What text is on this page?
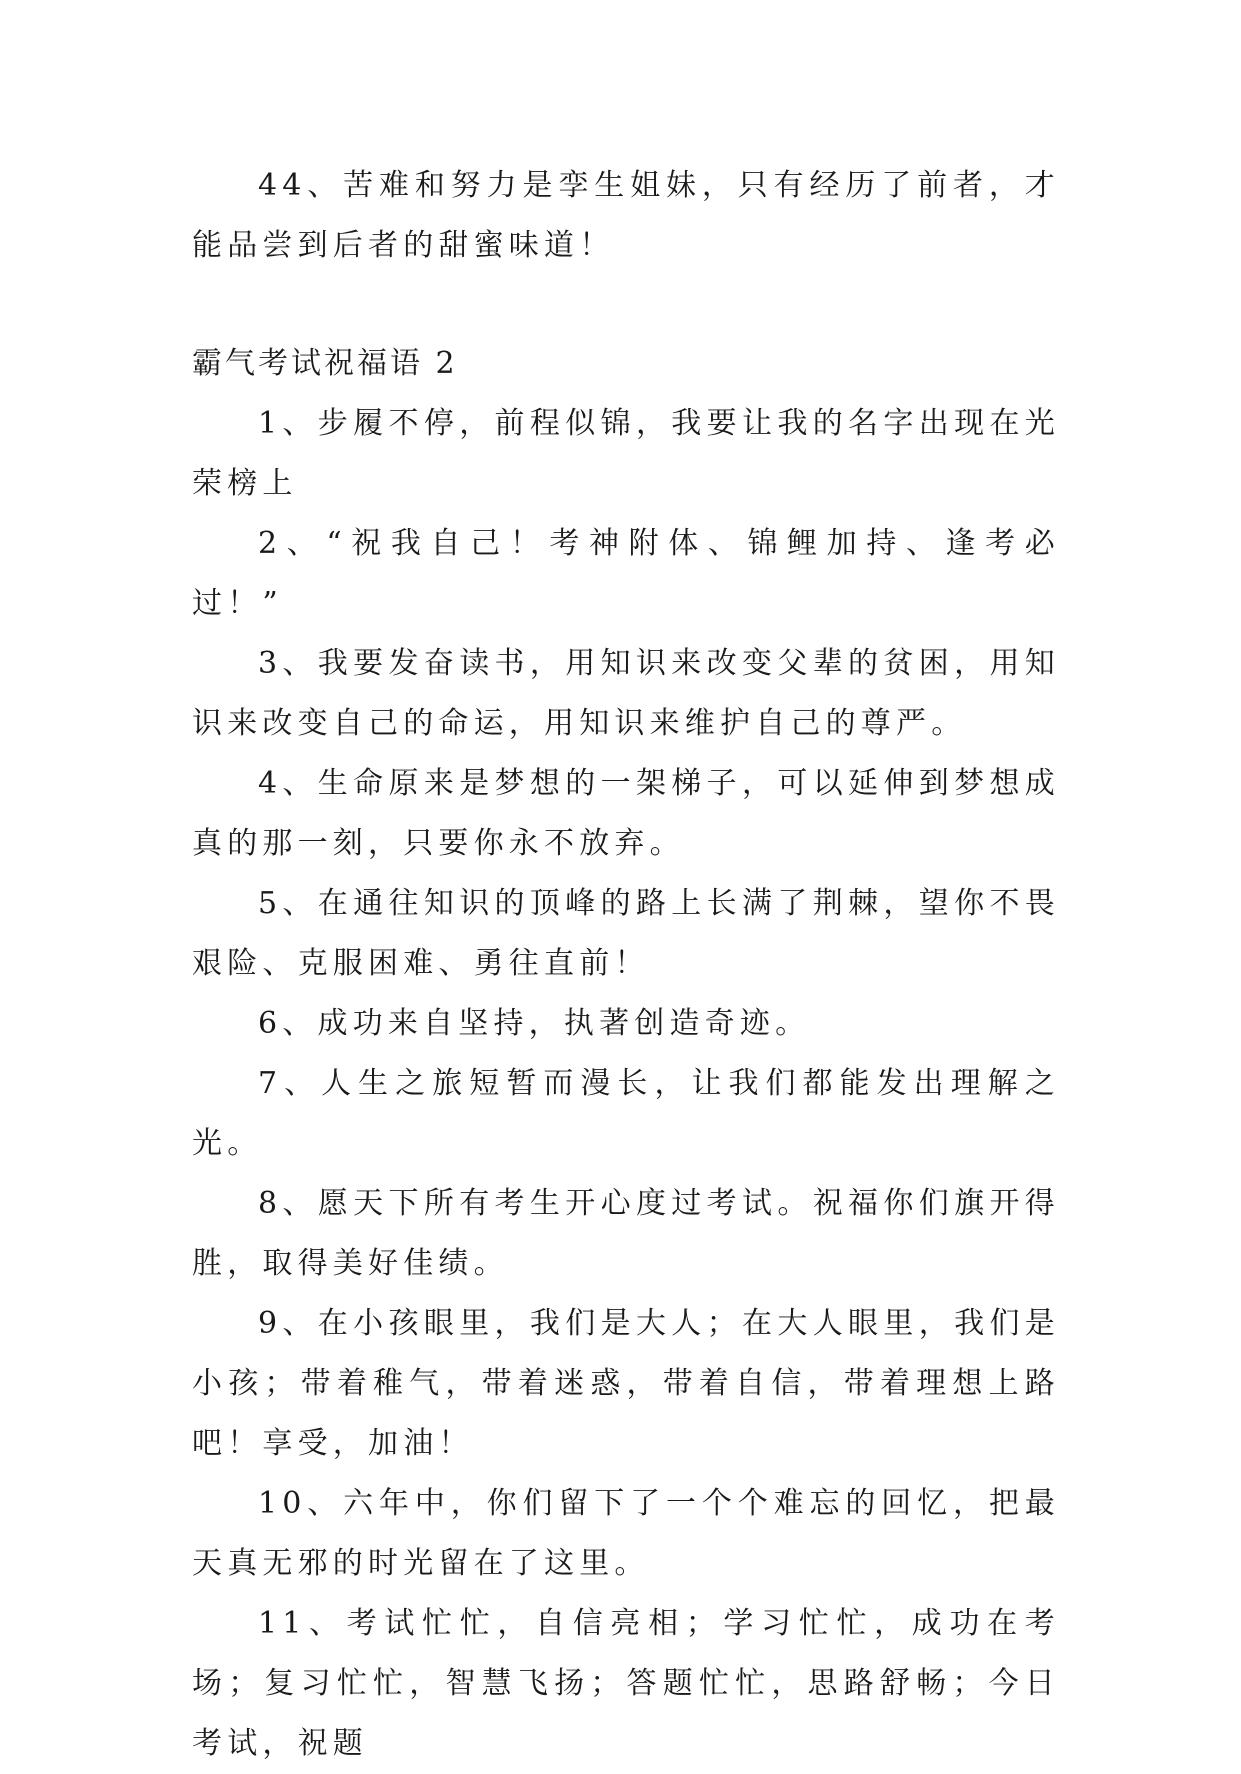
44、苦难和努力是孪生姐妹，只有经历了前者，才能品尝到后者的甜蜜味道！

霸气考试祝福语 2

1、步履不停，前程似锦，我要让我的名字出现在光荣榜上

2、“祝我自己！考神附体、锦鲤加持、逢考必过！”

3、我要发奋读书，用知识来改变父辈的贫困，用知识来改变自己的命运，用知识来维护自己的尊严。

4、生命原来是梦想的一架梯子，可以延伸到梦想成真的那一刻，只要你永不放弃。

5、在通往知识的顶峰的路上长满了荆棘，望你不畏艰险、克服困难、勇往直前！

6、成功来自坚持，执著创造奇迹。

7、人生之旅短暂而漫长，让我们都能发出理解之光。

8、愿天下所有考生开心度过考试。祝福你们旗开得胜，取得美好佳绩。

9、在小孩眼里，我们是大人；在大人眼里，我们是小孩；带着稚气，带着迷惑，带着自信，带着理想上路吧！享受，加油！

10、六年中，你们留下了一个个难忘的回忆，把最天真无邪的时光留在了这里。

11、考试忙忙，自信亮相；学习忙忙，成功在考场；复习忙忙，智慧飞扬；答题忙忙，思路舒畅；今日考试，祝题
